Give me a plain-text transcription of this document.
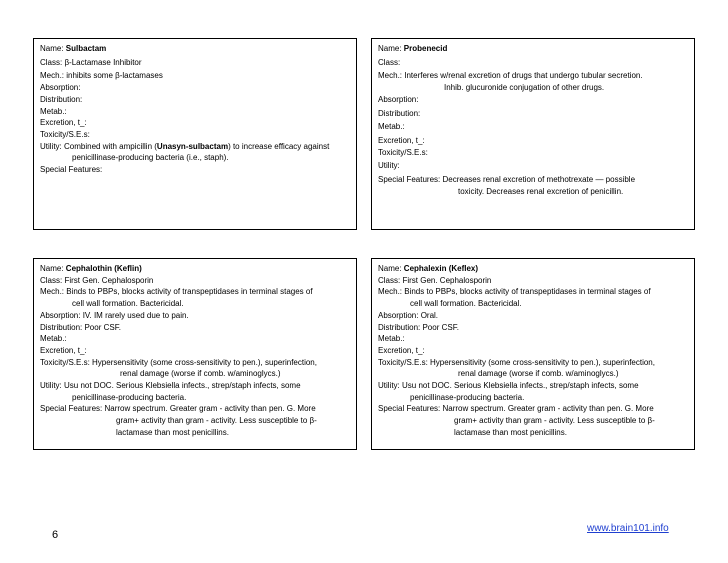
Name: Sulbactam
Class: β-Lactamase Inhibitor
Mech.: inhibits some β-lactamases
Absorption:
Distribution:
Metab.:
Excretion, t_:
Toxicity/S.E.s:
Utility: Combined with ampicillin (Unasyn-sulbactam) to increase efficacy against
penicillinase-producing bacteria (i.e., staph).
Special Features:
Name: Probenecid
Class:
Mech.: Interferes w/renal excretion of drugs that undergo tubular secretion.
Inhib. glucuronide conjugation of other drugs.
Absorption:
Distribution:
Metab.:
Excretion, t_:
Toxicity/S.E.s:
Utility:
Special Features: Decreases renal excretion of methotrexate — possible
toxicity. Decreases renal excretion of penicillin.
Name: Cephalothin (Keflin)
Class: First Gen. Cephalosporin
Mech.: Binds to PBPs, blocks activity of transpeptidases in terminal stages of
cell wall formation. Bactericidal.
Absorption: IV. IM rarely used due to pain.
Distribution: Poor CSF.
Metab.:
Excretion, t_:
Toxicity/S.E.s: Hypersensitivity (some cross-sensitivity to pen.), superinfection,
renal damage (worse if comb. w/aminoglycs.)
Utility: Usu not DOC. Serious Klebsiella infects., strep/staph infects, some
penicillinase-producing bacteria.
Special Features: Narrow spectrum. Greater gram - activity than pen. G. More
gram+ activity than gram - activity. Less susceptible to β-
lactamase than most penicillins.
Name: Cephalexin (Keflex)
Class: First Gen. Cephalosporin
Mech.: Binds to PBPs, blocks activity of transpeptidases in terminal stages of
cell wall formation. Bactericidal.
Absorption: Oral.
Distribution: Poor CSF.
Metab.:
Excretion, t_:
Toxicity/S.E.s: Hypersensitivity (some cross-sensitivity to pen.), superinfection,
renal damage (worse if comb. w/aminoglycs.)
Utility: Usu not DOC. Serious Klebsiella infects., strep/staph infects, some
penicillinase-producing bacteria.
Special Features: Narrow spectrum. Greater gram - activity than pen. G. More
gram+ activity than gram - activity. Less susceptible to β-
lactamase than most penicillins.
6
www.brain101.info
